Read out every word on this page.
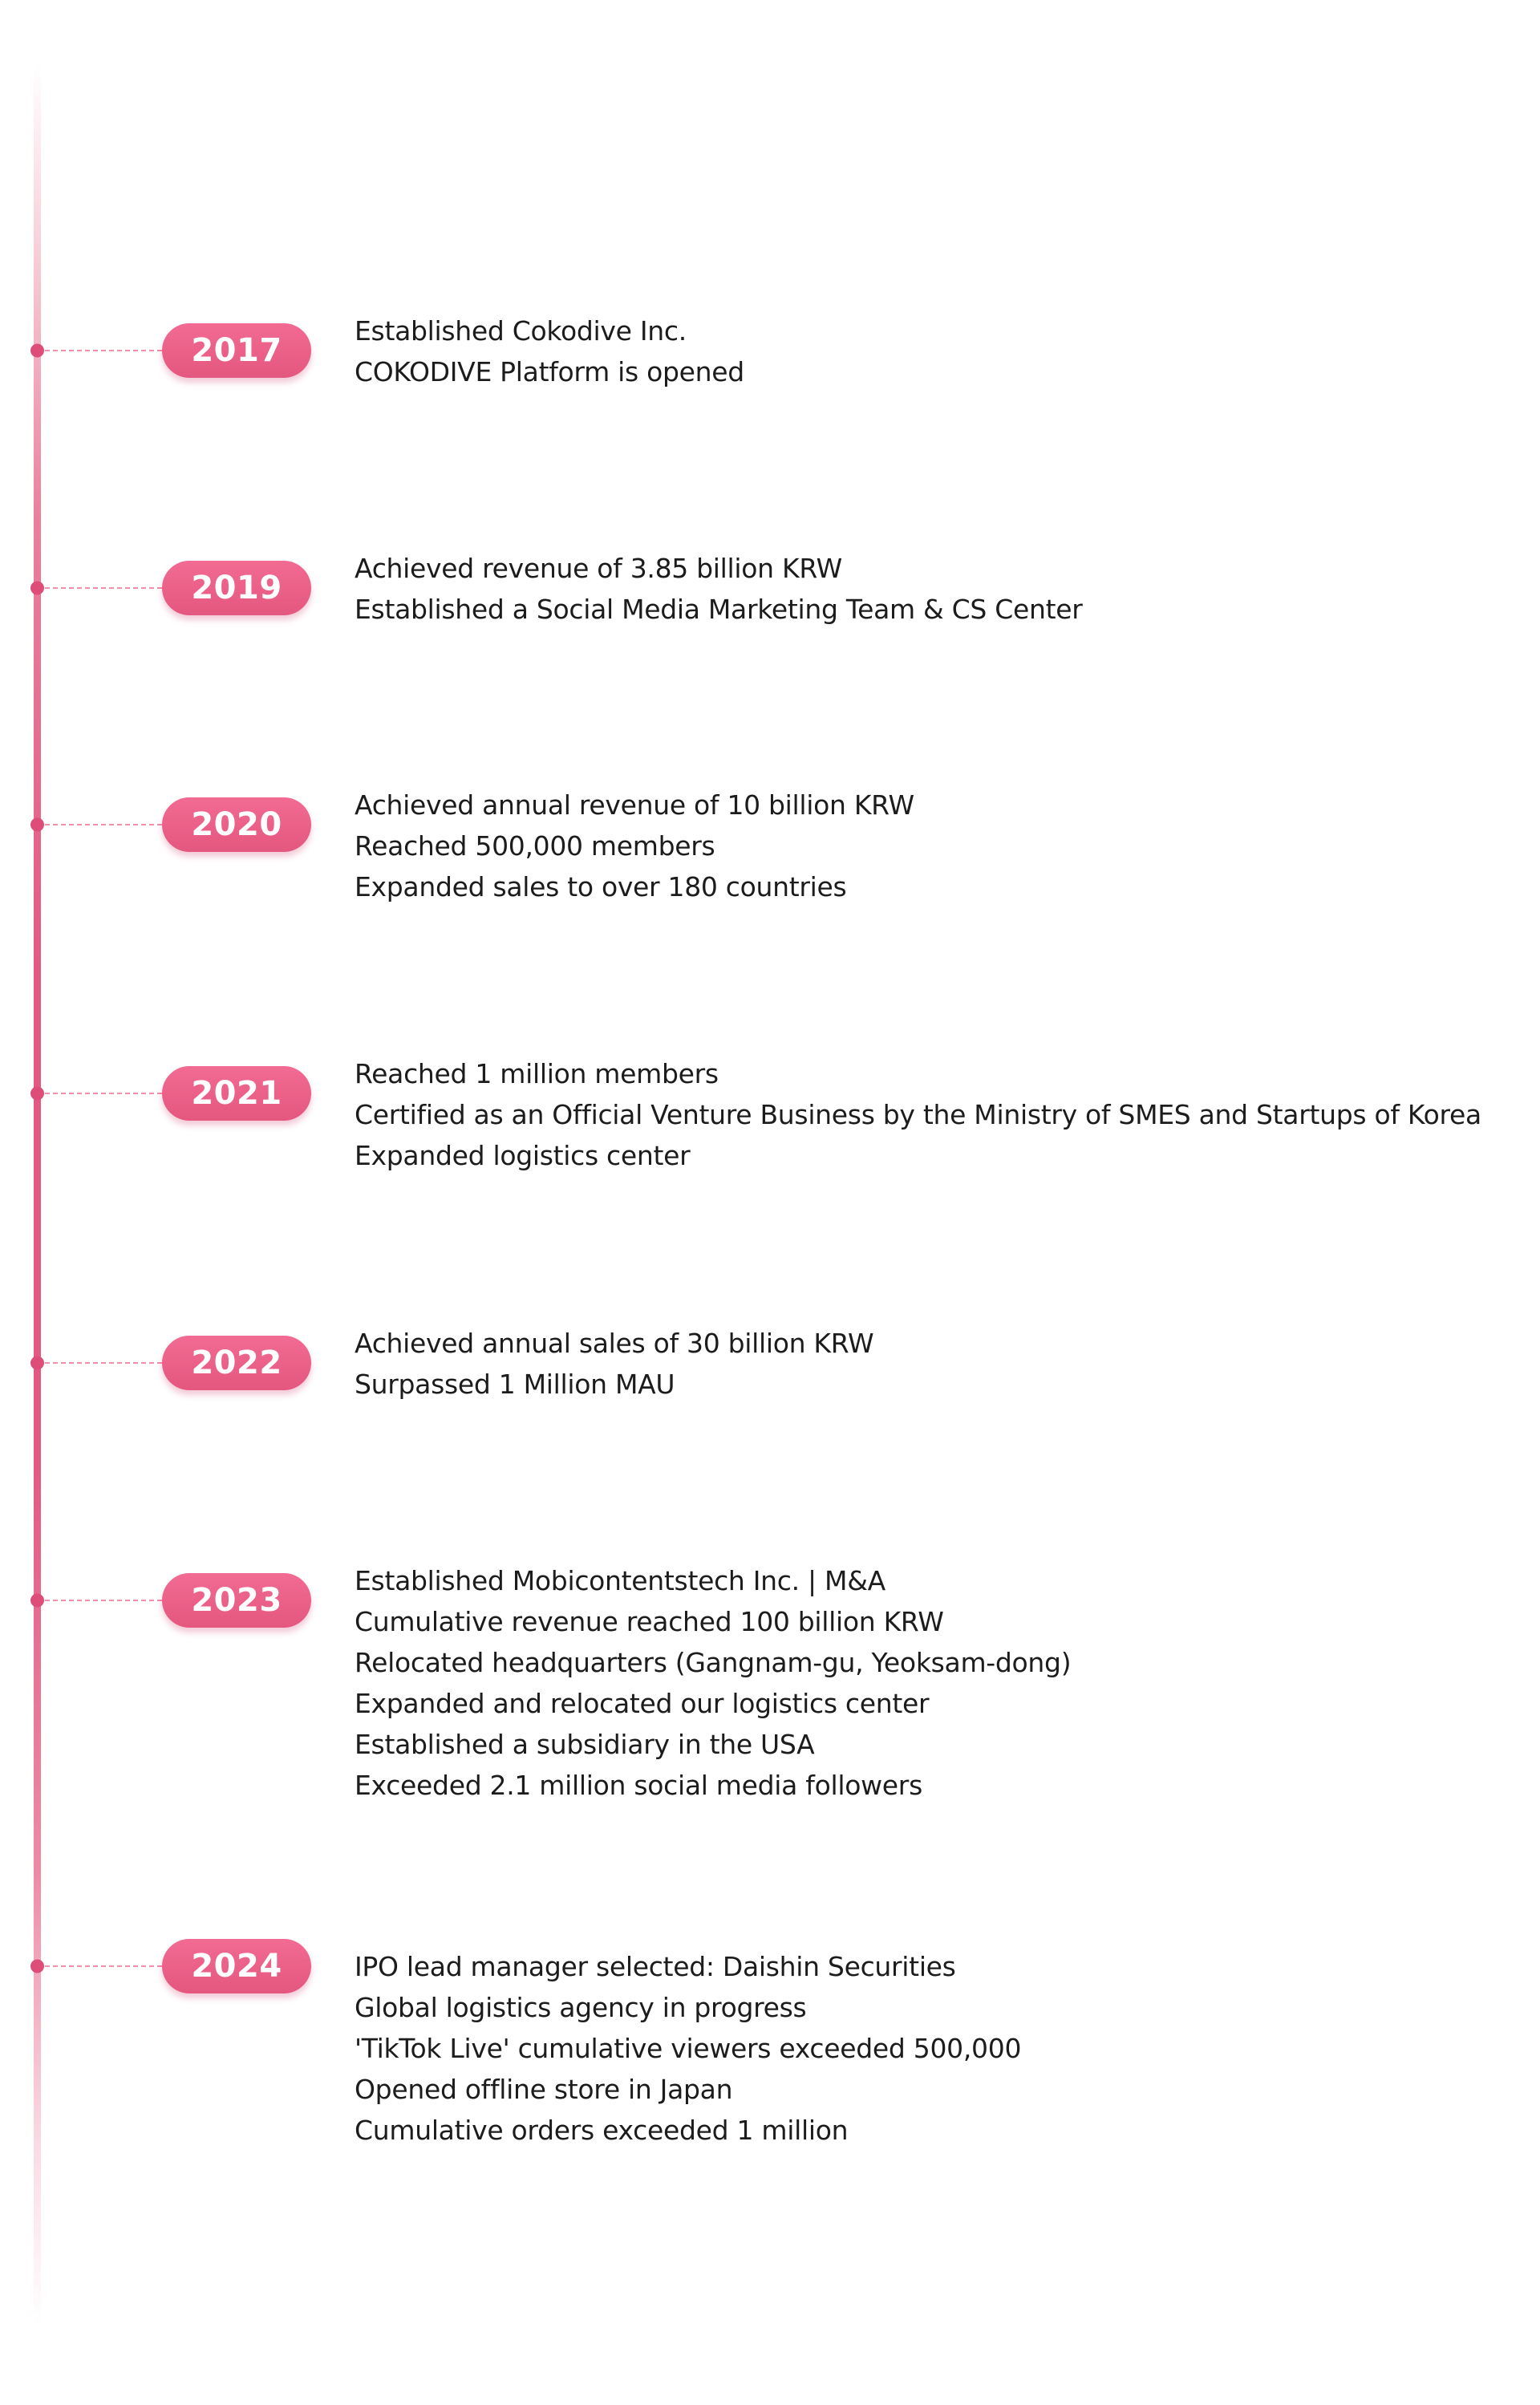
2017
Established Cokodive Inc.
COKODIVE Platform is opened
2019
Achieved revenue of 3.85 billion KRW
Established a Social Media Marketing Team & CS Center
2020
Achieved annual revenue of 10 billion KRW
Reached 500,000 members
Expanded sales to over 180 countries
2021
Reached 1 million members
Certified as an Official Venture Business by the Ministry of SMES and Startups of Korea
Expanded logistics center
2022
Achieved annual sales of 30 billion KRW
Surpassed 1 Million MAU
2023
Established Mobicontentstech Inc. | M&A
Cumulative revenue reached 100 billion KRW
Relocated headquarters (Gangnam-gu, Yeoksam-dong)
Expanded and relocated our logistics center
Established a subsidiary in the USA
Exceeded 2.1 million social media followers
2024	IPO lead manager selected: Daishin Securities
Global logistics agency in progress
'TikTok Live' cumulative viewers exceeded 500,000
Opened offline store in Japan
Cumulative orders exceeded 1 million
